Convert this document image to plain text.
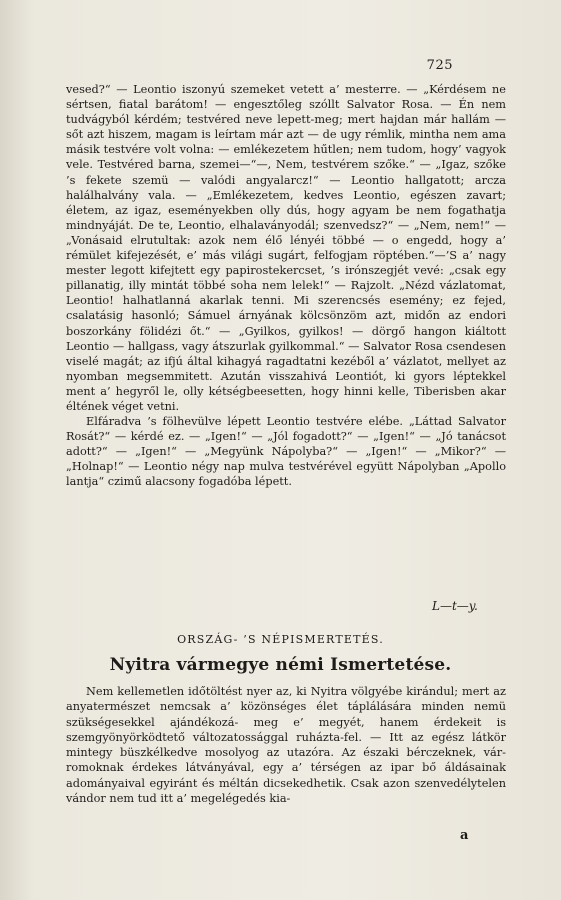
725

vesed?“ — Leontio iszonyú szemeket vetett a’ mesterre. — „Kérdésem ne sértsen, fiatal barátom! — engesztőleg szóllt Salvator Rosa. — Én nem tudvágyból kérdém; testvéred neve lepett-meg; mert hajdan már hallám — sőt azt hiszem, magam is leírtam már azt — de ugy rémlik, mintha nem ama másik testvére volt volna: — emlékezetem hűtlen; nem tudom, hogy’ vagyok vele. Testvéred barna, szemei—“—, Nem, testvérem szőke.“ — „Igaz, szőke ’s fekete szemü — valódi angyalarcz!“ — Leontio hallgatott; arcza halálhalvány vala. — „Emlékezetem, kedves Leontio, egészen zavart; életem, az igaz, eseményekben olly dús, hogy agyam be nem fogathatja mindnyáját. De te, Leontio, elhalaványodál; szenvedsz?“ — „Nem, nem!“ — „Vonásaid elrutultak: azok nem élő lényéi többé — o engedd, hogy a’ rémület kifejezését, e’ más világi sugárt, felfogjam röptében.“—’S a’ nagy mester legott kifejtett egy papirostekercset, ’s irónszegjét vevé: „csak egy pillanatig, illy mintát többé soha nem lelek!“ — Rajzolt. „Nézd vázlatomat, Leontio! halhatlanná akarlak tenni. Mi szerencsés esemény; ez fejed, csalatásig hasonló; Sámuel árnyának kölcsönzöm azt, midőn az endori boszorkány fölidézi őt.“ — „Gyilkos, gyilkos! — dörgő hangon kiáltott Leontio — hallgass, vagy átszurlak gyilkommal.“ — Salvator Rosa csendesen viselé magát; az ifjú által kihagyá ragadtatni kezéből a’ vázlatot, mellyet az nyomban megsemmitett. Azután visszahivá Leontiót, ki gyors léptekkel ment a’ hegyről le, olly kétségbeesetten, hogy hinni kelle, Tiberisben akar éltének véget vetni.

Elfáradva ’s fölhevülve lépett Leontio testvére elébe. „Láttad Salvator Rosát?“ — kérdé ez. — „Igen!“ — „Jól fogadott?“ — „Igen!“ — „Jó tanácsot adott?“ — „Igen!“ — „Megyünk Nápolyba?“ — „Igen!“ — „Mikor?“ — „Holnap!“ — Leontio négy nap mulva testvérével együtt Nápolyban „Apollo lantja“ czimű alacsony fogadóba lépett.

L—t—y.
ORSZÁG- ’S NÉPISMERTETÉS.
Nyitra vármegye némi Ismertetése.

Nem kellemetlen időtöltést nyer az, ki Nyitra völgyébe kirándul; mert az anyatermészet nemcsak a’ közönséges élet táplálására minden nemü szükségesekkel ajándékozá- meg e’ megyét, hanem érdekeit is szemgyönyörködtető változatossággal ruházta-fel. — Itt az egész látkör mintegy büszkélkedve mosolyog az utazóra. Az északi bérczeknek, vár-romoknak érdekes látványával, egy a’ térségen az ipar bő áldásainak adományaival egyiránt és méltán dicsekedhetik. Csak azon szenvedélytelen vándor nem tud itt a’ megelégedés kia-

a
